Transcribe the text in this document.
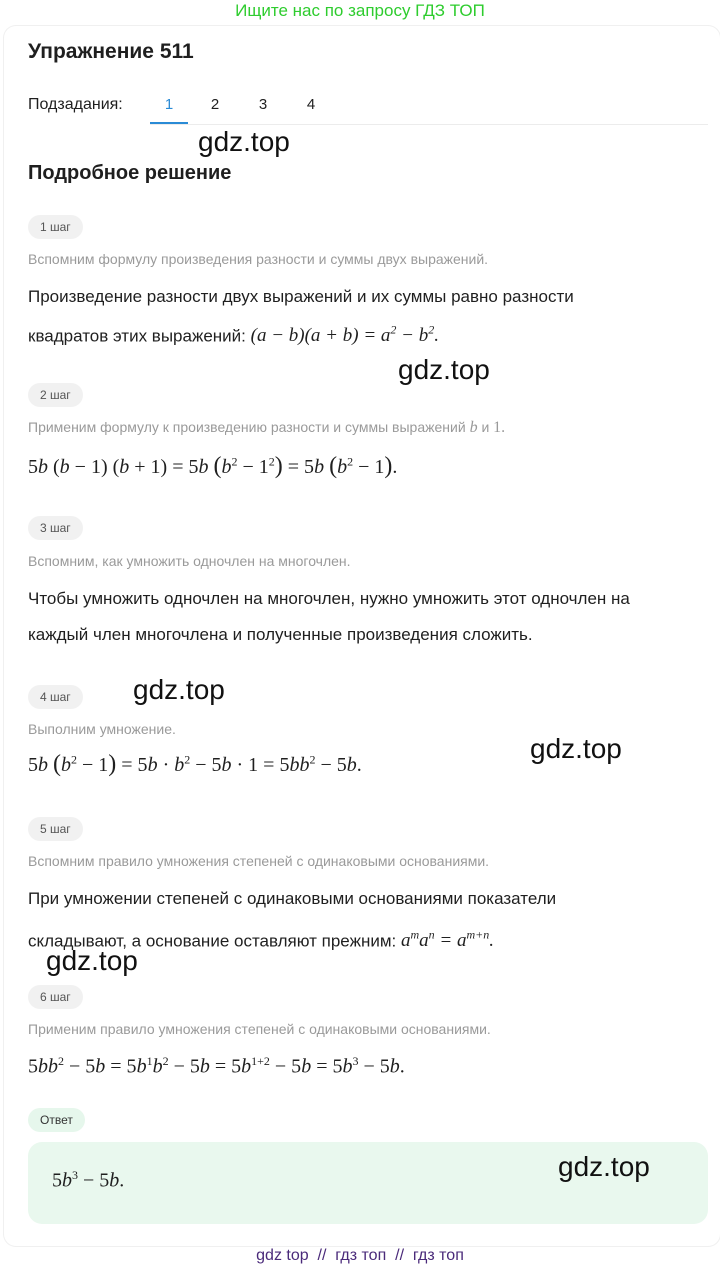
Ищите нас по запросу ГДЗ ТОП
Упражнение 511
Подзадания:	1	2	3	4
gdz.top
Подробное решение
1 шаг
Вспомним формулу произведения разности и суммы двух выражений.
Произведение разности двух выражений и их суммы равно разности
квадратов этих выражений: $(a - b)(a + b) = a^2 - b^2$.
gdz.top
2 шаг
Применим формулу к произведению разности и суммы выражений b и 1.
5b (b − 1) (b + 1) = 5b $(b^2 - 1^2) = 5b$ $(b^2 - 1)$.
3 шаг
Вспомним, как умножить одночлен на многочлен.
Чтобы умножить одночлен на многочлен, нужно умножить этот одночлен на
каждый член многочлена и полученные произведения сложить.
4 шаг	gdz.top
Выполним умножение.
gdz.top
5b $(b^2 - 1) = 5b \cdot b^2 - 5b \cdot 1 = 5bb^2 - 5b$.
5 шаг
Вспомним правило умножения степеней с одинаковыми основаниями.
При умножении степеней с одинаковыми основаниями показатели
складывают, а основание оставляют прежним: $a^ma^n = a^{m+n}$.
gdz.top
6 шаг
Применим правило умножения степеней с одинаковыми основаниями.
$5bb^2 - 5b = 5b^1b^2 - 5b = 5b^{1+2} - 5b = 5b^3 - 5b$.
Ответ
$5b^3 - 5b$.	gdz.top
gdz top  //  гдз топ  //  гдз топ
